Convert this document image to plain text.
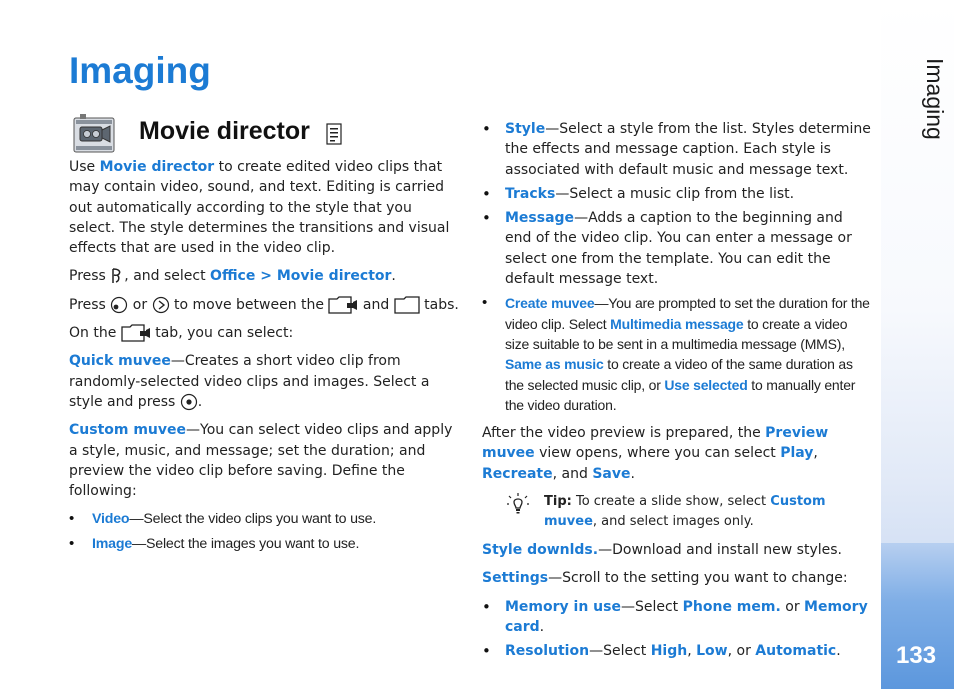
Imaging
Movie director

Use Movie director to create edited video clips that may contain video, sound, and text. Editing is carried out automatically according to the style that you select. The style determines the transitions and visual effects that are used in the video clip.

Press , and select Office > Movie director.

Press  or  to move between the  and  tabs.

On the  tab, you can select:

Quick muvee—Creates a short video clip from randomly-selected video clips and images. Select a style and press .

Custom muvee—You can select video clips and apply a style, music, and message; set the duration; and preview the video clip before saving. Define the following:

• Video—Select the video clips you want to use.
• Image—Select the images you want to use.
• Style—Select a style from the list. Styles determine the effects and message caption. Each style is associated with default music and message text.
• Tracks—Select a music clip from the list.
• Message—Adds a caption to the beginning and end of the video clip. You can enter a message or select one from the template. You can edit the default message text.
• Create muvee—You are prompted to set the duration for the video clip. Select Multimedia message to create a video size suitable to be sent in a multimedia message (MMS), Same as music to create a video of the same duration as the selected music clip, or Use selected to manually enter the video duration.

After the video preview is prepared, the Preview muvee view opens, where you can select Play, Recreate, and Save.

Tip: To create a slide show, select Custom muvee, and select images only.

Style downlds.—Download and install new styles.

Settings—Scroll to the setting you want to change:

• Memory in use—Select Phone mem. or Memory card.
• Resolution—Select High, Low, or Automatic.
Imaging
133
